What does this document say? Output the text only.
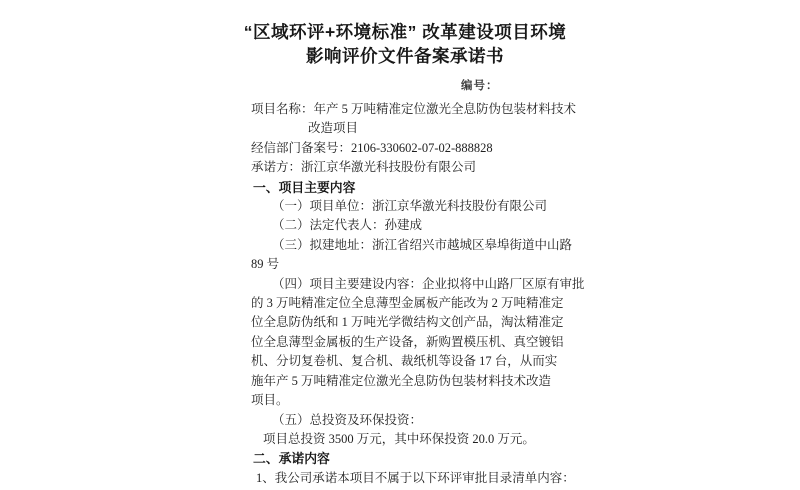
“区域环评+环境标准” 改革建设项目环境
影响评价文件备案承诺书
编号：
项目名称：年产 5 万吨精准定位激光全息防伪包装材料技术
改造项目
经信部门备案号：2106-330602-07-02-888828
承诺方：浙江京华激光科技股份有限公司
一、项目主要内容
（一）项目单位：浙江京华激光科技股份有限公司
（二）法定代表人：孙建成
（三）拟建地址：浙江省绍兴市越城区皋埠街道中山路
89 号
（四）项目主要建设内容：企业拟将中山路厂区原有审批
的 3 万吨精准定位全息薄型金属板产能改为 2 万吨精准定
位全息防伪纸和 1 万吨光学微结构文创产品，淘汰精准定
位全息薄型金属板的生产设备，新购置模压机、真空镀铝
机、分切复卷机、复合机、裁纸机等设备 17 台，从而实
施年产 5 万吨精准定位激光全息防伪包装材料技术改造
项目。
（五）总投资及环保投资：
项目总投资 3500 万元，其中环保投资 20.0 万元。
二、承诺内容
1、我公司承诺本项目不属于以下环评审批目录清单内容：
